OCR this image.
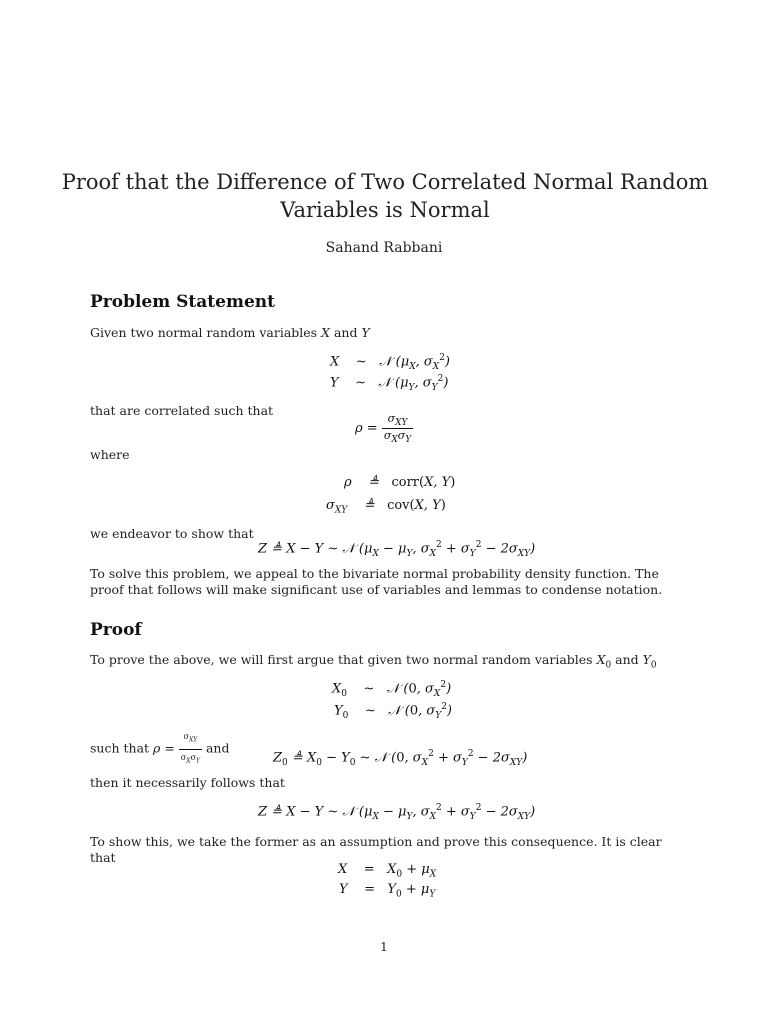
Proof that the Difference of Two Correlated Normal Random Variables is Normal
Sahand Rabbani
Problem Statement
Given two normal random variables X and Y
X    ∼   𝒩 ($\mu_X$, $\sigma_X^2$)
Y    ∼   𝒩 ($\mu_Y$, $\sigma_Y^2$)
that are correlated such that
$\rho = \frac{\sigma_{XY}}{\sigma_X\sigma_Y}$
where
ρ    ≜   corr(X, Y)
$\sigma_{XY}$    ≜   cov(X, Y)
we endeavor to show that
Z ≜ X − Y ∼ 𝒩 ($\mu_X - \mu_Y$, $\sigma_X^2 + \sigma_Y^2 - 2\sigma_{XY}$)
To solve this problem, we appeal to the bivariate normal probability density function. The proof that follows will make significant use of variables and lemmas to condense notation.
Proof
To prove the above, we will first argue that given two normal random variables $X_0$ and $Y_0$
$X_0$    ∼   𝒩 (0, $\sigma_X^2$)
$Y_0$    ∼   𝒩 (0, $\sigma_Y^2$)
such that $\rho = \frac{\sigma_{XY}}{\sigma_X\sigma_Y}$ and
$Z_0$ ≜ $X_0 - Y_0$ ∼ 𝒩 (0, $\sigma_X^2 + \sigma_Y^2 - 2\sigma_{XY}$)
then it necessarily follows that
Z ≜ X − Y ∼ 𝒩 ($\mu_X - \mu_Y$, $\sigma_X^2 + \sigma_Y^2 - 2\sigma_{XY}$)
To show this, we take the former as an assumption and prove this consequence. It is clear that
X    =   $X_0 + \mu_X$
Y    =   $Y_0 + \mu_Y$
1
